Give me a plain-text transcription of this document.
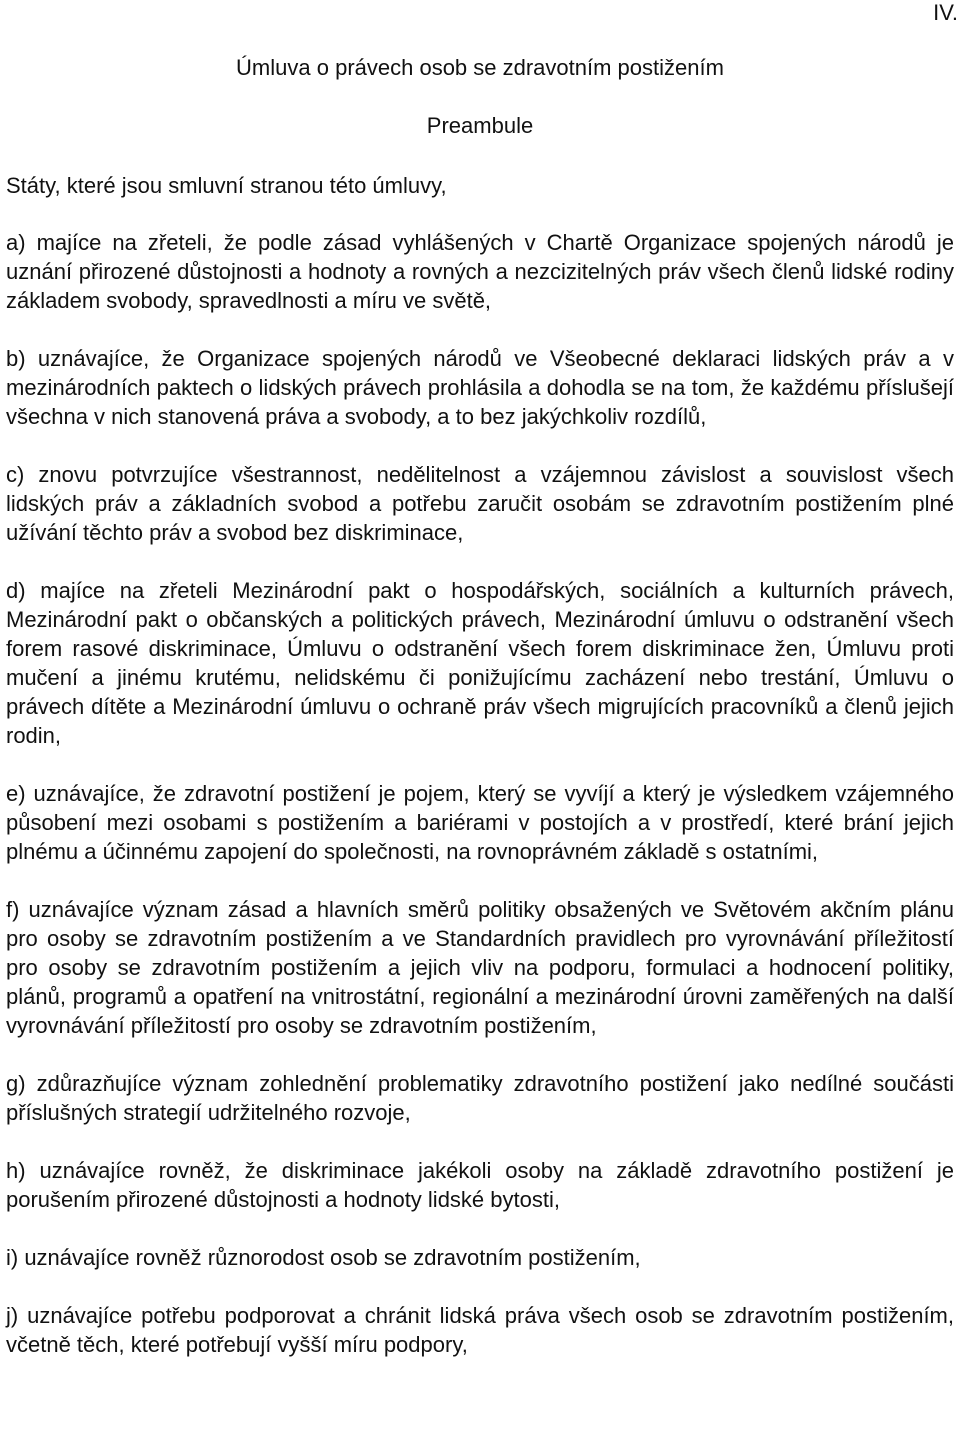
IV.
Úmluva o právech osob se zdravotním postižením
Preambule

Státy, které jsou smluvní stranou této úmluvy,

a) majíce na zřeteli, že podle zásad vyhlášených v Chartě Organizace spojených národů je uznání přirozené důstojnosti a hodnoty a rovných a nezcizitelných práv všech členů lidské rodiny základem svobody, spravedlnosti a míru ve světě,

b) uznávajíce, že Organizace spojených národů ve Všeobecné deklaraci lidských práv a v mezinárodních paktech o lidských právech prohlásila a dohodla se na tom, že každému příslušejí všechna v nich stanovená práva a svobody, a to bez jakýchkoliv rozdílů,

c) znovu potvrzujíce všestrannost, nedělitelnost a vzájemnou závislost a souvislost všech lidských práv a základních svobod a potřebu zaručit osobám se zdravotním postižením plné užívání těchto práv a svobod bez diskriminace,

d) majíce na zřeteli Mezinárodní pakt o hospodářských, sociálních a kulturních právech, Mezinárodní pakt o občanských a politických právech, Mezinárodní úmluvu o odstranění všech forem rasové diskriminace, Úmluvu o odstranění všech forem diskriminace žen, Úmluvu proti mučení a jinému krutému, nelidskému či ponižujícímu zacházení nebo trestání, Úmluvu o právech dítěte a Mezinárodní úmluvu o ochraně práv všech migrujících pracovníků a členů jejich rodin,

e) uznávajíce, že zdravotní postižení je pojem, který se vyvíjí a který je výsledkem vzájemného působení mezi osobami s postižením a bariérami v postojích a v prostředí, které brání jejich plnému a účinnému zapojení do společnosti, na rovnoprávném základě s ostatními,

f) uznávajíce význam zásad a hlavních směrů politiky obsažených ve Světovém akčním plánu pro osoby se zdravotním postižením a ve Standardních pravidlech pro vyrovnávání příležitostí pro osoby se zdravotním postižením a jejich vliv na podporu, formulaci a hodnocení politiky, plánů, programů a opatření na vnitrostátní, regionální a mezinárodní úrovni zaměřených na další vyrovnávání příležitostí pro osoby se zdravotním postižením,

g) zdůrazňujíce význam zohlednění problematiky zdravotního postižení jako nedílné součásti příslušných strategií udržitelného rozvoje,

h) uznávajíce rovněž, že diskriminace jakékoli osoby na základě zdravotního postižení je porušením přirozené důstojnosti a hodnoty lidské bytosti,

i) uznávajíce rovněž různorodost osob se zdravotním postižením,

j) uznávajíce potřebu podporovat a chránit lidská práva všech osob se zdravotním postižením, včetně těch, které potřebují vyšší míru podpory,
